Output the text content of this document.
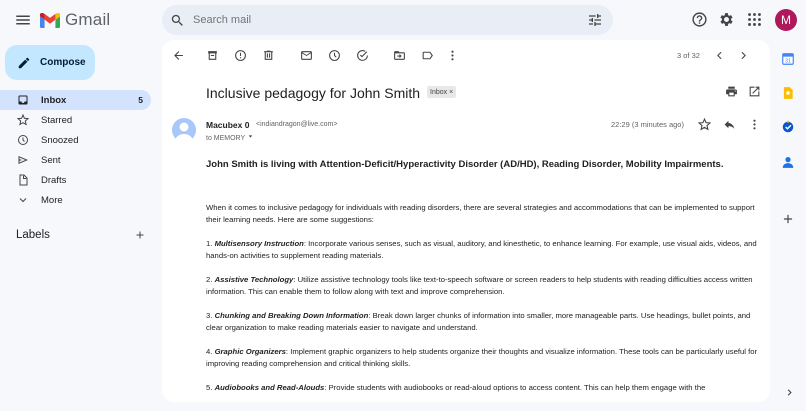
Gmail
Search mail	M
Compose
Inbox	5
Starred
Snoozed
Sent
Drafts
More
Labels
3 of 32
Inclusive pedagogy for John Smith Inbox ×
Macubex 0 <indiandragon@live.com>
to MEMORY
22:29 (3 minutes ago)
John Smith is living with Attention-Deficit/Hyperactivity Disorder (AD/HD), Reading Disorder, Mobility Impairments.
When it comes to inclusive pedagogy for individuals with reading disorders, there are several strategies and accommodations that can be implemented to support their learning needs. Here are some suggestions:
1. Multisensory Instruction: Incorporate various senses, such as visual, auditory, and kinesthetic, to enhance learning. For example, use visual aids, videos, and hands-on activities to supplement reading materials.
2. Assistive Technology: Utilize assistive technology tools like text-to-speech software or screen readers to help students with reading difficulties access written information. This can enable them to follow along with text and improve comprehension.
3. Chunking and Breaking Down Information: Break down larger chunks of information into smaller, more manageable parts. Use headings, bullet points, and clear organization to make reading materials easier to navigate and understand.
4. Graphic Organizers: Implement graphic organizers to help students organize their thoughts and visualize information. These tools can be particularly useful for improving reading comprehension and critical thinking skills.
5. Audiobooks and Read-Alouds: Provide students with audiobooks or read-aloud options to access content. This can help them engage with the
31
